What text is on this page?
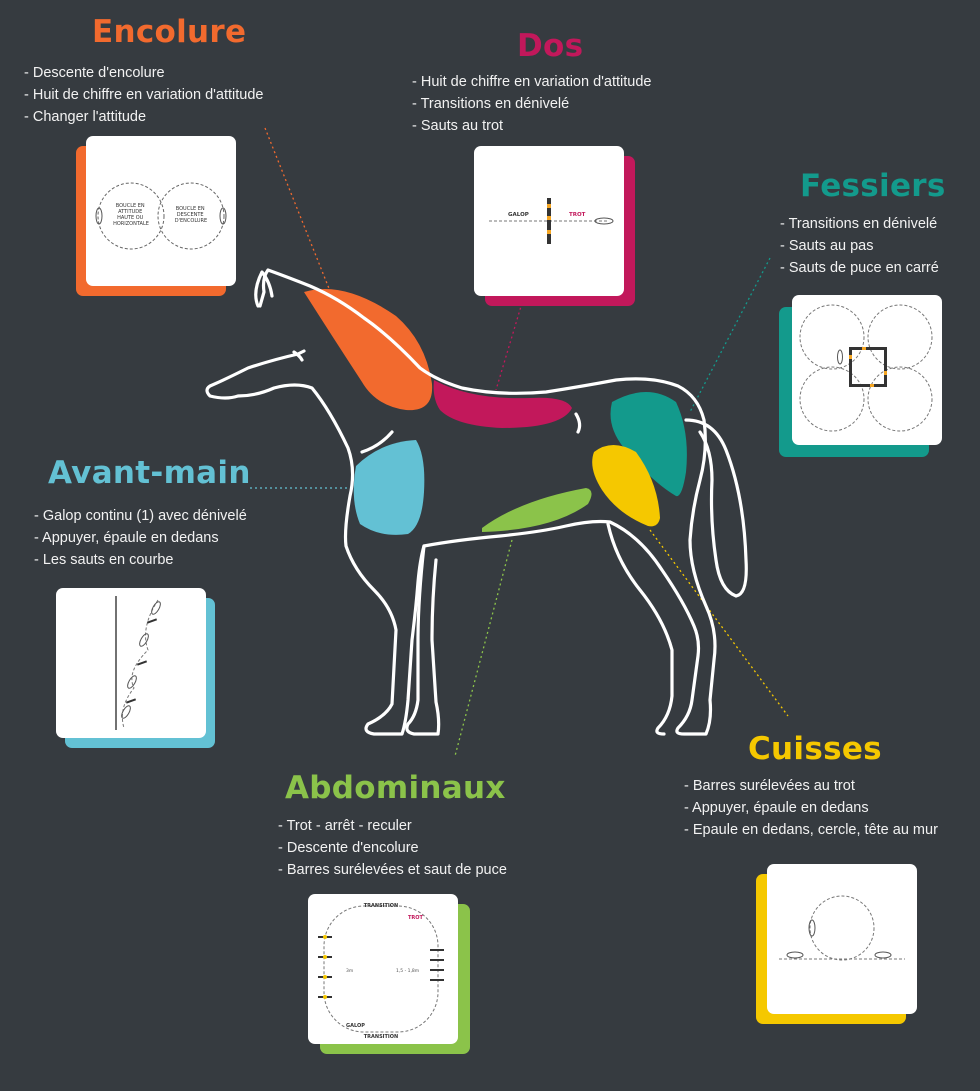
Encolure
- Descente d'encolure
- Huit de chiffre en variation d'attitude
- Changer l'attitude
Dos
- Huit de chiffre en variation d'attitude
- Transitions en dénivelé
- Sauts au trot
Fessiers
- Transitions en dénivelé
- Sauts au pas
- Sauts de puce en carré
Avant-main
- Galop continu (1) avec dénivelé
- Appuyer, épaule en dedans
- Les sauts en courbe
Abdominaux
- Trot - arrêt - reculer
- Descente d'encolure
- Barres surélevées et saut de puce
Cuisses
- Barres surélevées au trot
- Appuyer, épaule en dedans
- Epaule en dedans, cercle, tête au mur
BOUCLE EN ATTITUDE HAUTE OU HORIZONTALE
BOUCLE EN DESCENTE D'ENCOLURE
GALOP	TROT
TRANSITION
TRANSITION
TROT
GALOP
3m	1,5 - 1,8m
